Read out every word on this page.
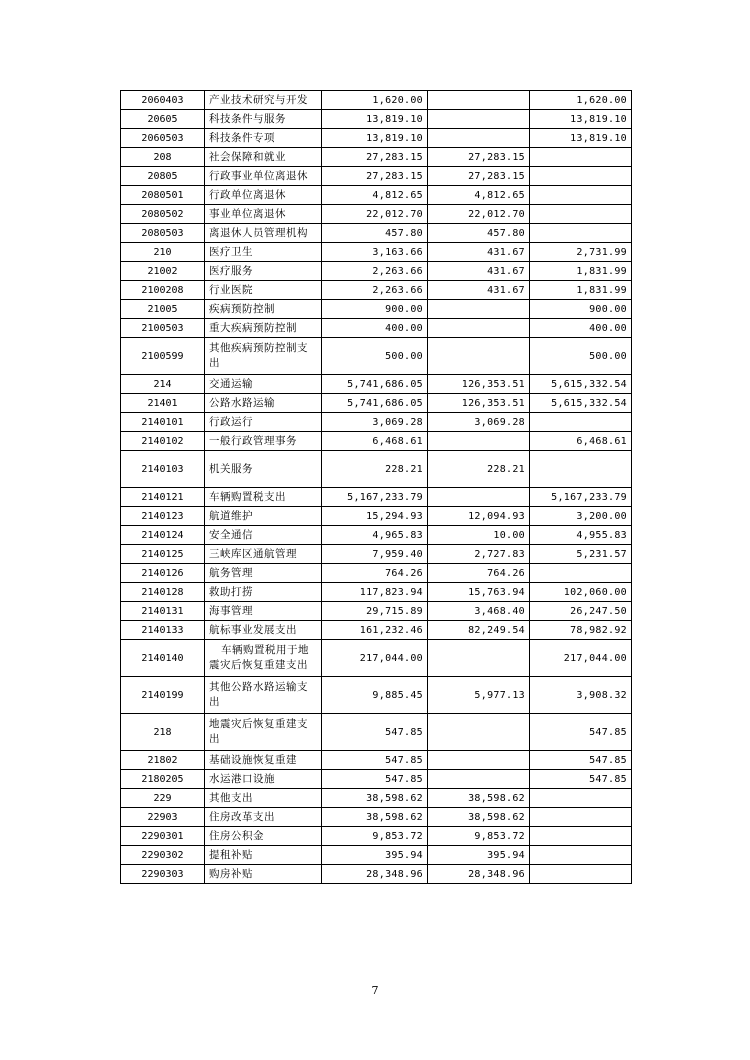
2060403	产业技术研究与开发	1,620.00		1,620.00
20605	科技条件与服务	13,819.10		13,819.10
2060503	科技条件专项	13,819.10		13,819.10
208	社会保障和就业	27,283.15	27,283.15	
20805	行政事业单位离退休	27,283.15	27,283.15	
2080501	行政单位离退休	4,812.65	4,812.65	
2080502	事业单位离退休	22,012.70	22,012.70	
2080503	离退休人员管理机构	457.80	457.80	
210	医疗卫生	3,163.66	431.67	2,731.99
21002	医疗服务	2,263.66	431.67	1,831.99
2100208	行业医院	2,263.66	431.67	1,831.99
21005	疾病预防控制	900.00		900.00
2100503	重大疾病预防控制	400.00		400.00
2100599	其他疾病预防控制支出	500.00		500.00
214	交通运输	5,741,686.05	126,353.51	5,615,332.54
21401	公路水路运输	5,741,686.05	126,353.51	5,615,332.54
2140101	行政运行	3,069.28	3,069.28	
2140102	一般行政管理事务	6,468.61		6,468.61
2140103	机关服务	228.21	228.21	
2140121	车辆购置税支出	5,167,233.79		5,167,233.79
2140123	航道维护	15,294.93	12,094.93	3,200.00
2140124	安全通信	4,965.83	10.00	4,955.83
2140125	三峡库区通航管理	7,959.40	2,727.83	5,231.57
2140126	航务管理	764.26	764.26	
2140128	救助打捞	117,823.94	15,763.94	102,060.00
2140131	海事管理	29,715.89	3,468.40	26,247.50
2140133	航标事业发展支出	161,232.46	82,249.54	78,982.92
2140140	车辆购置税用于地震灾后恢复重建支出	217,044.00		217,044.00
2140199	其他公路水路运输支出	9,885.45	5,977.13	3,908.32
218	地震灾后恢复重建支出	547.85		547.85
21802	基础设施恢复重建	547.85		547.85
2180205	水运港口设施	547.85		547.85
229	其他支出	38,598.62	38,598.62	
22903	住房改革支出	38,598.62	38,598.62	
2290301	住房公积金	9,853.72	9,853.72	
2290302	提租补贴	395.94	395.94	
2290303	购房补贴	28,348.96	28,348.96	
7
